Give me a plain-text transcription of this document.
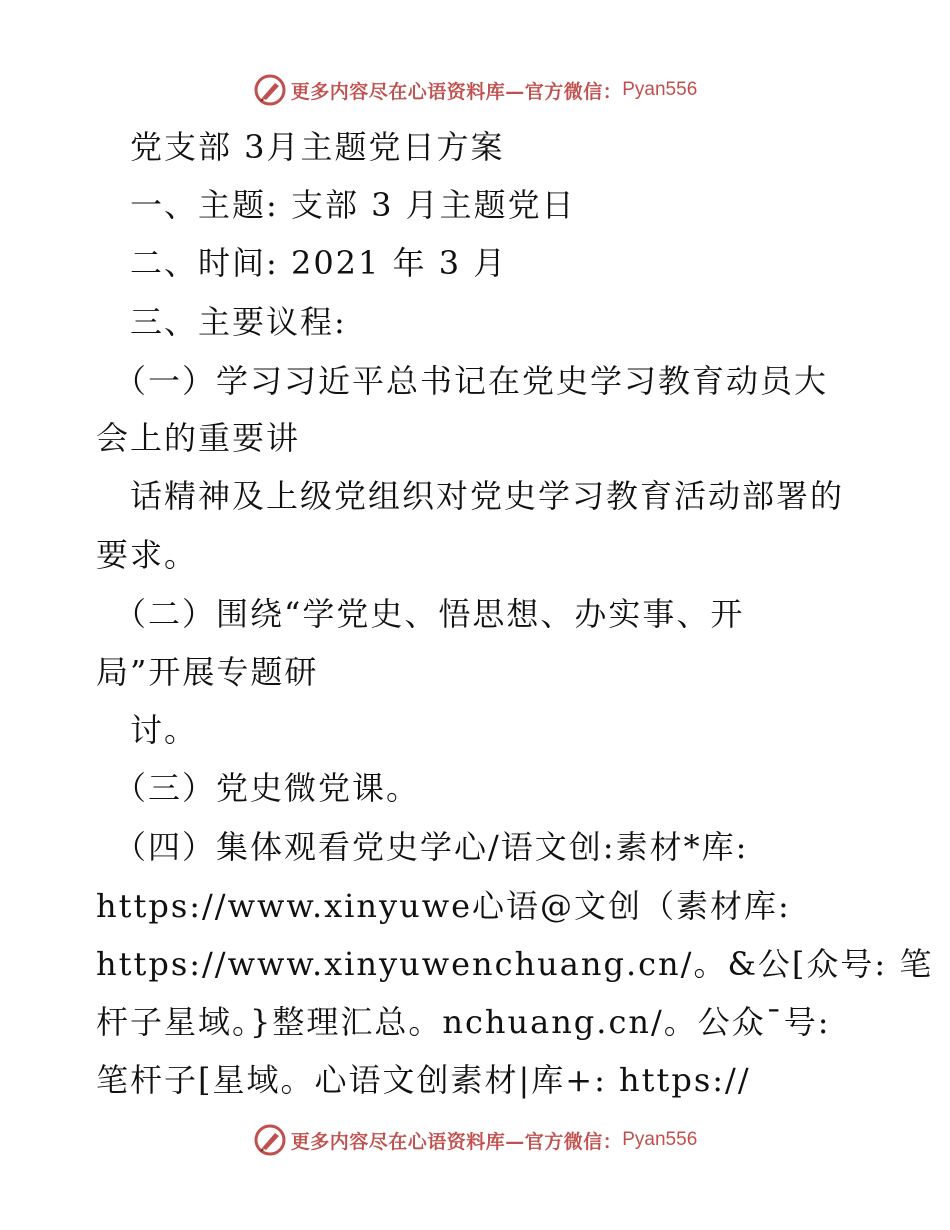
更多内容尽在心语资料库—官方微信： Pyan556

　党支部 3月主题党日方案

　一、主题: 支部 3 月主题党日

　二、时间: 2021 年 3 月

　三、主要议程:

　（一）学习习近平总书记在党史学习教育动员大

会上的重要讲

　话精神及上级党组织对党史学习教育活动部署的

要求。

　（二）围绕“学党史、悟思想、办实事、开

局”开展专题研

　讨。

　（三）党史微党课。

　（四）集体观看党史学心/语文创:素材*库:

https://www.xinyuwe心语@文创（素材库:

https://www.xinyuwenchuang.cn/。&公[众号: 笔

杆子星域。}整理汇总。nchuang.cn/。公众¯号:

笔杆子[星域。心语文创素材|库+: https://

更多内容尽在心语资料库—官方微信： Pyan556
